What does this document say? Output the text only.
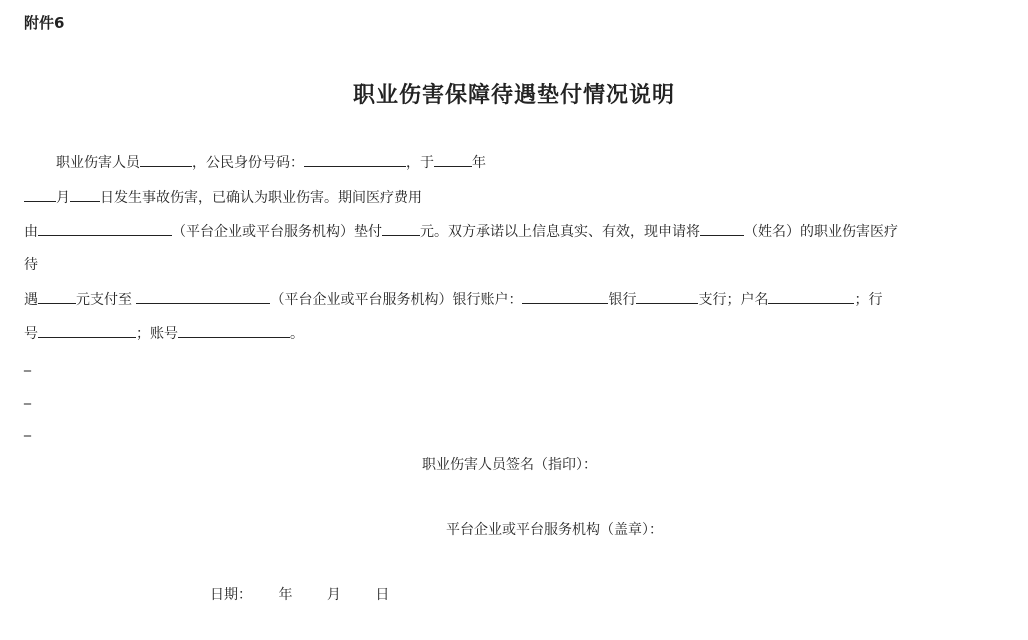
附件6
职业伤害保障待遇垫付情况说明
职业伤害人员	，公民身份号码：	，于	年
月 日发生事故伤害，已确认为职业伤害。期间医疗费用
由	（平台企业或平台服务机构）垫付	元。双方承诺以上信息真实、有效，现申请将	（姓名）的职业伤害医疗
待
遇	元支付至	（平台企业或平台服务机构）银行账户：	银行	支行；户名	；行
号	；账号	。
_
_
_
职业伤害人员签名（指印）：
平台企业或平台服务机构（盖章）：
日期： 年 月 日
